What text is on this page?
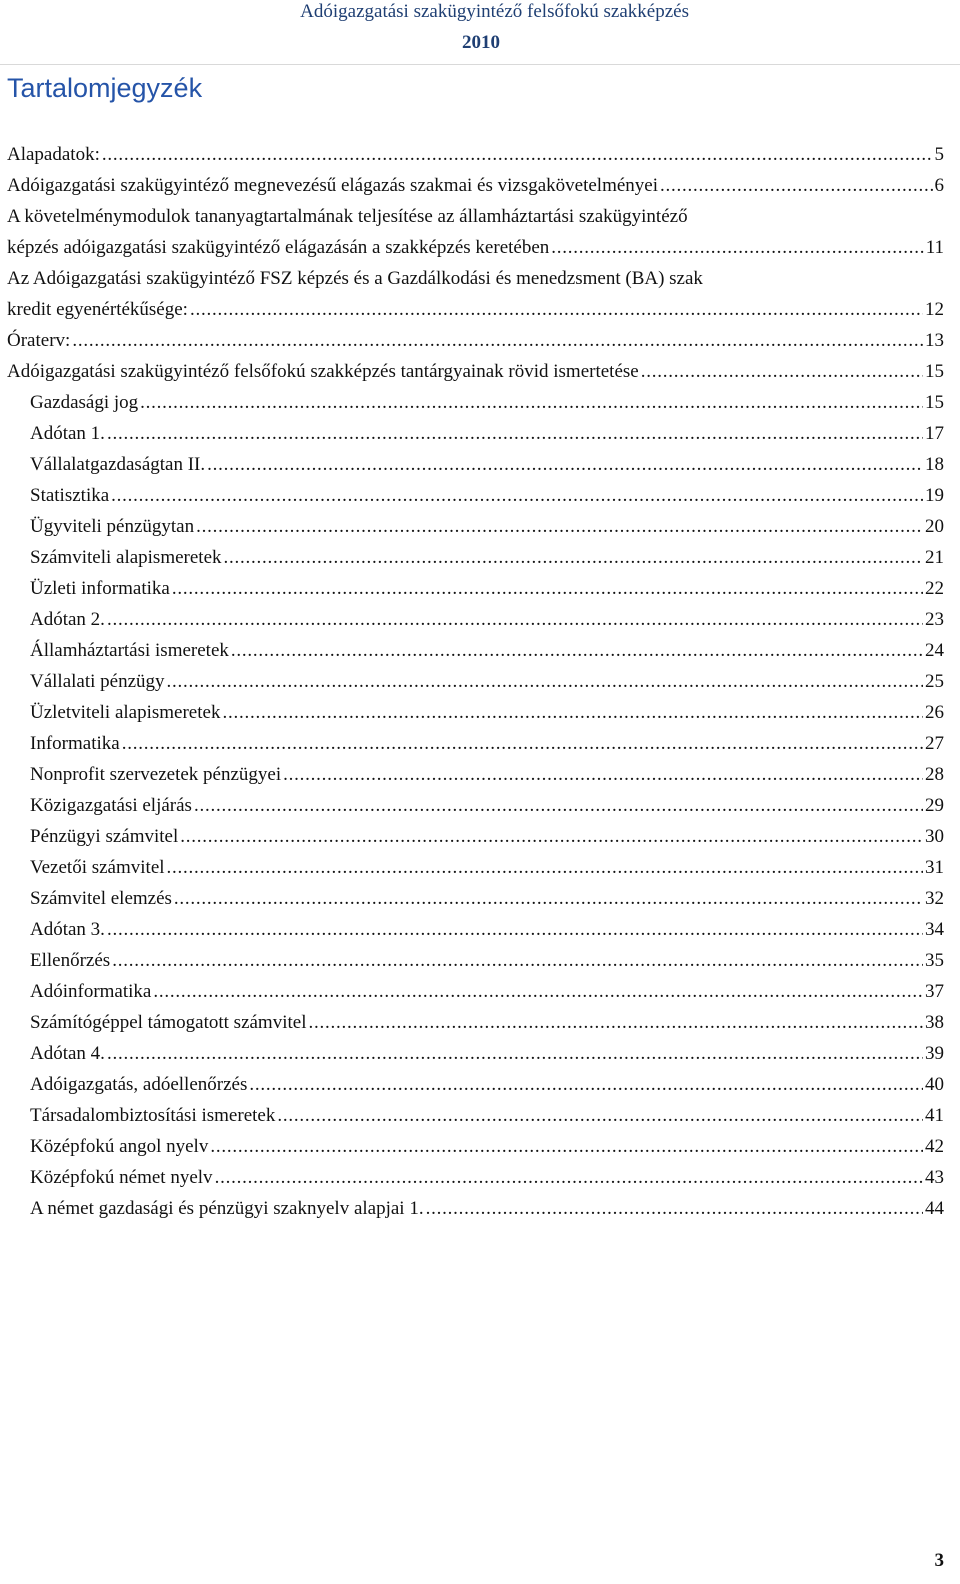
Adóigazgatási szakügyintéző felsőfokú szakképzés
2010
Tartalomjegyzék
Alapadatok: . . .	5
Adóigazgatási szakügyintéző megnevezésű elágazás szakmai és vizsgakövetelményei . . .	6
A követelménymodulok tananyagtartalmának teljesítése az államháztartási szakügyintéző
képzés adóigazgatási szakügyintéző elágazásán a szakképzés keretében . . .	11
Az Adóigazgatási szakügyintéző FSZ képzés és a Gazdálkodási és menedzsment (BA) szak
kredit egyenértékűsége: . . .	12
Óraterv: . . .	13
Adóigazgatási szakügyintéző felsőfokú szakképzés tantárgyainak rövid ismertetése . . .	15
Gazdasági jog . . .	15
Adótan 1. . . .	17
Vállalatgazdaságtan II. . . .	18
Statisztika . . .	19
Ügyviteli pénzügytan . . .	20
Számviteli alapismeretek . . .	21
Üzleti informatika . . .	22
Adótan 2. . . .	23
Államháztartási ismeretek . . .	24
Vállalati pénzügy . . .	25
Üzletviteli alapismeretek . . .	26
Informatika . . .	27
Nonprofit szervezetek pénzügyei . . .	28
Közigazgatási eljárás . . .	29
Pénzügyi számvitel . . .	30
Vezetői számvitel . . .	31
Számvitel elemzés . . .	32
Adótan 3. . . .	34
Ellenőrzés . . .	35
Adóinformatika . . .	37
Számítógéppel támogatott számvitel . . .	38
Adótan 4. . . .	39
Adóigazgatás, adóellenőrzés . . .	40
Társadalombiztosítási ismeretek . . .	41
Középfokú angol nyelv . . .	42
Középfokú német nyelv . . .	43
A német gazdasági és pénzügyi szaknyelv alapjai 1. . . .	44
3
